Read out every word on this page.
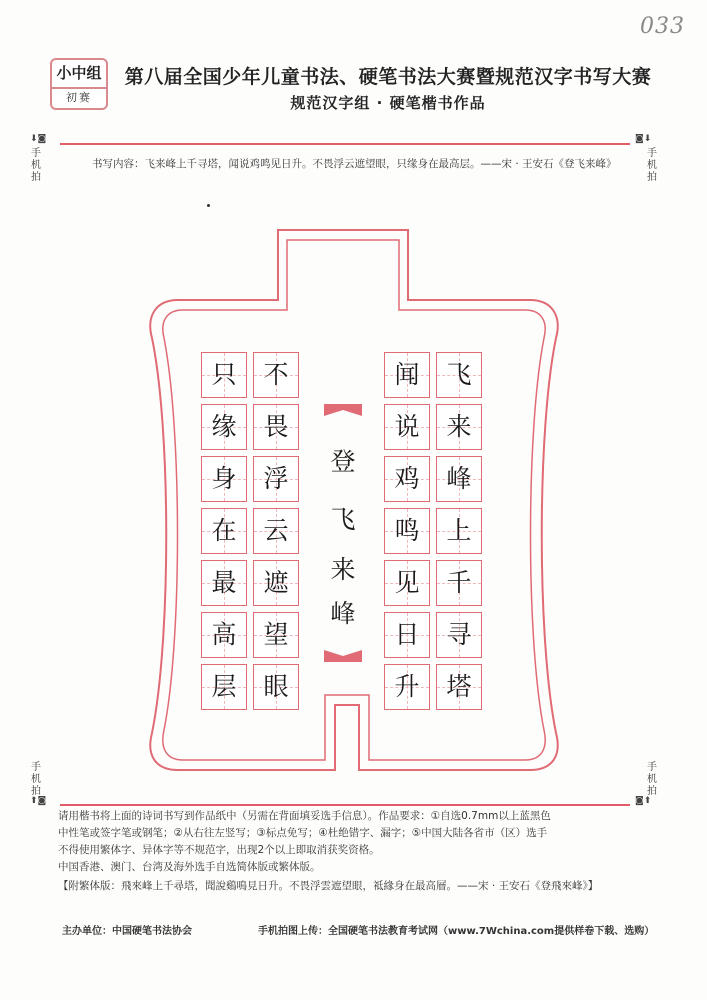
033
小中组
初赛
第八届全国少年儿童书法、硬笔书法大赛暨规范汉字书写大赛
规范汉字组 · 硬笔楷书作品
⬇◙	◙⬇
手机拍
手机拍
书写内容：飞来峰上千寻塔，闻说鸡鸣见日升。不畏浮云遮望眼，只缘身在最高层。——宋 · 王安石《登飞来峰》
飞
来
峰
上
千
寻
塔
闻
说
鸡
鸣
见
日
升
登
飞
来
峰
不
畏
浮
云
遮
望
眼
只
缘
身
在
最
高
层
手机拍
手机拍
⬆◙	◙⬆

请用楷书将上面的诗词书写到作品纸中（另需在背面填妥选手信息）。作品要求：①自选0.7mm以上蓝黑色

中性笔或签字笔或钢笔；②从右往左竖写；③标点免写；④杜绝错字、漏字；⑤中国大陆各省市（区）选手

不得使用繁体字、异体字等不规范字，出现2个以上即取消获奖资格。

中国香港、澳门、台湾及海外选手自选简体版或繁体版。

【附繁体版：飛來峰上千尋塔，聞說鷄鳴見日升。不畏浮雲遮望眼，祗緣身在最高層。——宋 · 王安石《登飛來峰》】
主办单位：中国硬笔书法协会	手机拍图上传：全国硬笔书法教育考试网（www.7Wchina.com提供样卷下载、选购）
